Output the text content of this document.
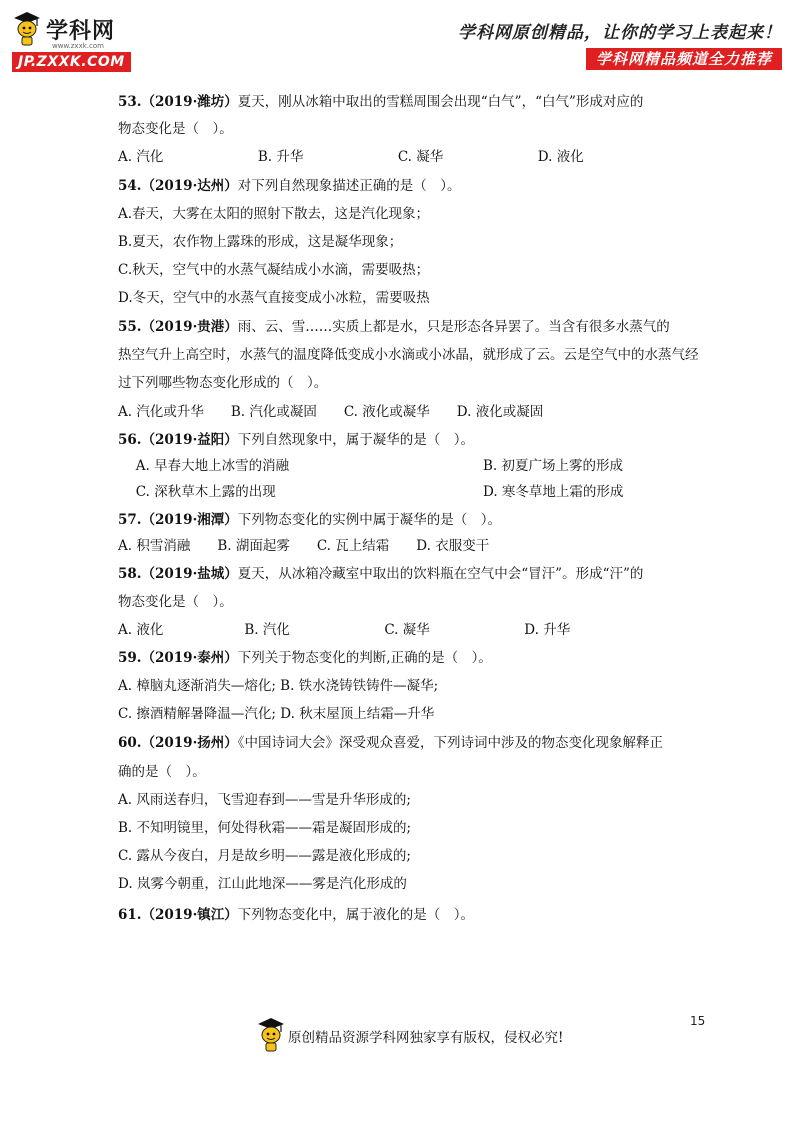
学科网
www.zxxk.com
JP.ZXXK.COM
学科网原创精品，让你的学习上表起来！
学科网精品频道全力推荐
53.（2019·潍坊）夏天，刚从冰箱中取出的雪糕周围会出现“白气”，“白气”形成对应的
物态变化是（　）。
A. 汽化　　　　　　　B. 升华　　　　　　　C. 凝华　　　　　　　D. 液化
54.（2019·达州）对下列自然现象描述正确的是（　）。
A.春天，大雾在太阳的照射下散去，这是汽化现象；
B.夏天，农作物上露珠的形成，这是凝华现象；
C.秋天，空气中的水蒸气凝结成小水滴，需要吸热；
D.冬天，空气中的水蒸气直接变成小冰粒，需要吸热
55.（2019·贵港）雨、云、雪……实质上都是水，只是形态各异罢了。当含有很多水蒸气的
热空气升上高空时，水蒸气的温度降低变成小水滴或小冰晶，就形成了云。云是空气中的水蒸气经
过下列哪些物态变化形成的（　）。
A. 汽化或升华　　B. 汽化或凝固　　C. 液化或凝华　　D. 液化或凝固
56.（2019·益阳）下列自然现象中，属于凝华的是（　）。
　 A. 早春大地上冰雪的消融	B. 初夏广场上雾的形成
　 C. 深秋草木上露的出现	D. 寒冬草地上霜的形成
57.（2019·湘潭）下列物态变化的实例中属于凝华的是（　）。
A. 积雪消融　　B. 湖面起雾　　C. 瓦上结霜　　D. 衣服变干
58.（2019·盐城）夏天，从冰箱冷藏室中取出的饮料瓶在空气中会“冒汗”。形成“汗”的
物态变化是（　）。
A. 液化　　　　　　B. 汽化　　　　　　　C. 凝华　　　　　　　D. 升华
59.（2019·泰州）下列关于物态变化的判断,正确的是（　）。
A. 樟脑丸逐渐消失—熔化; B. 铁水浇铸铁铸件—凝华;
C. 擦酒精解暑降温—汽化; D. 秋末屋顶上结霜—升华
60.（2019·扬州）《中国诗词大会》深受观众喜爱，下列诗词中涉及的物态变化现象解释正
确的是（　）。
A. 风雨送春归，飞雪迎春到——雪是升华形成的;
B. 不知明镜里，何处得秋霜——霜是凝固形成的;
C. 露从今夜白，月是故乡明——露是液化形成的;
D. 岚雾今朝重，江山此地深——雾是汽化形成的
61.（2019·镇江）下列物态变化中，属于液化的是（　）。
15
原创精品资源学科网独家享有版权，侵权必究!
